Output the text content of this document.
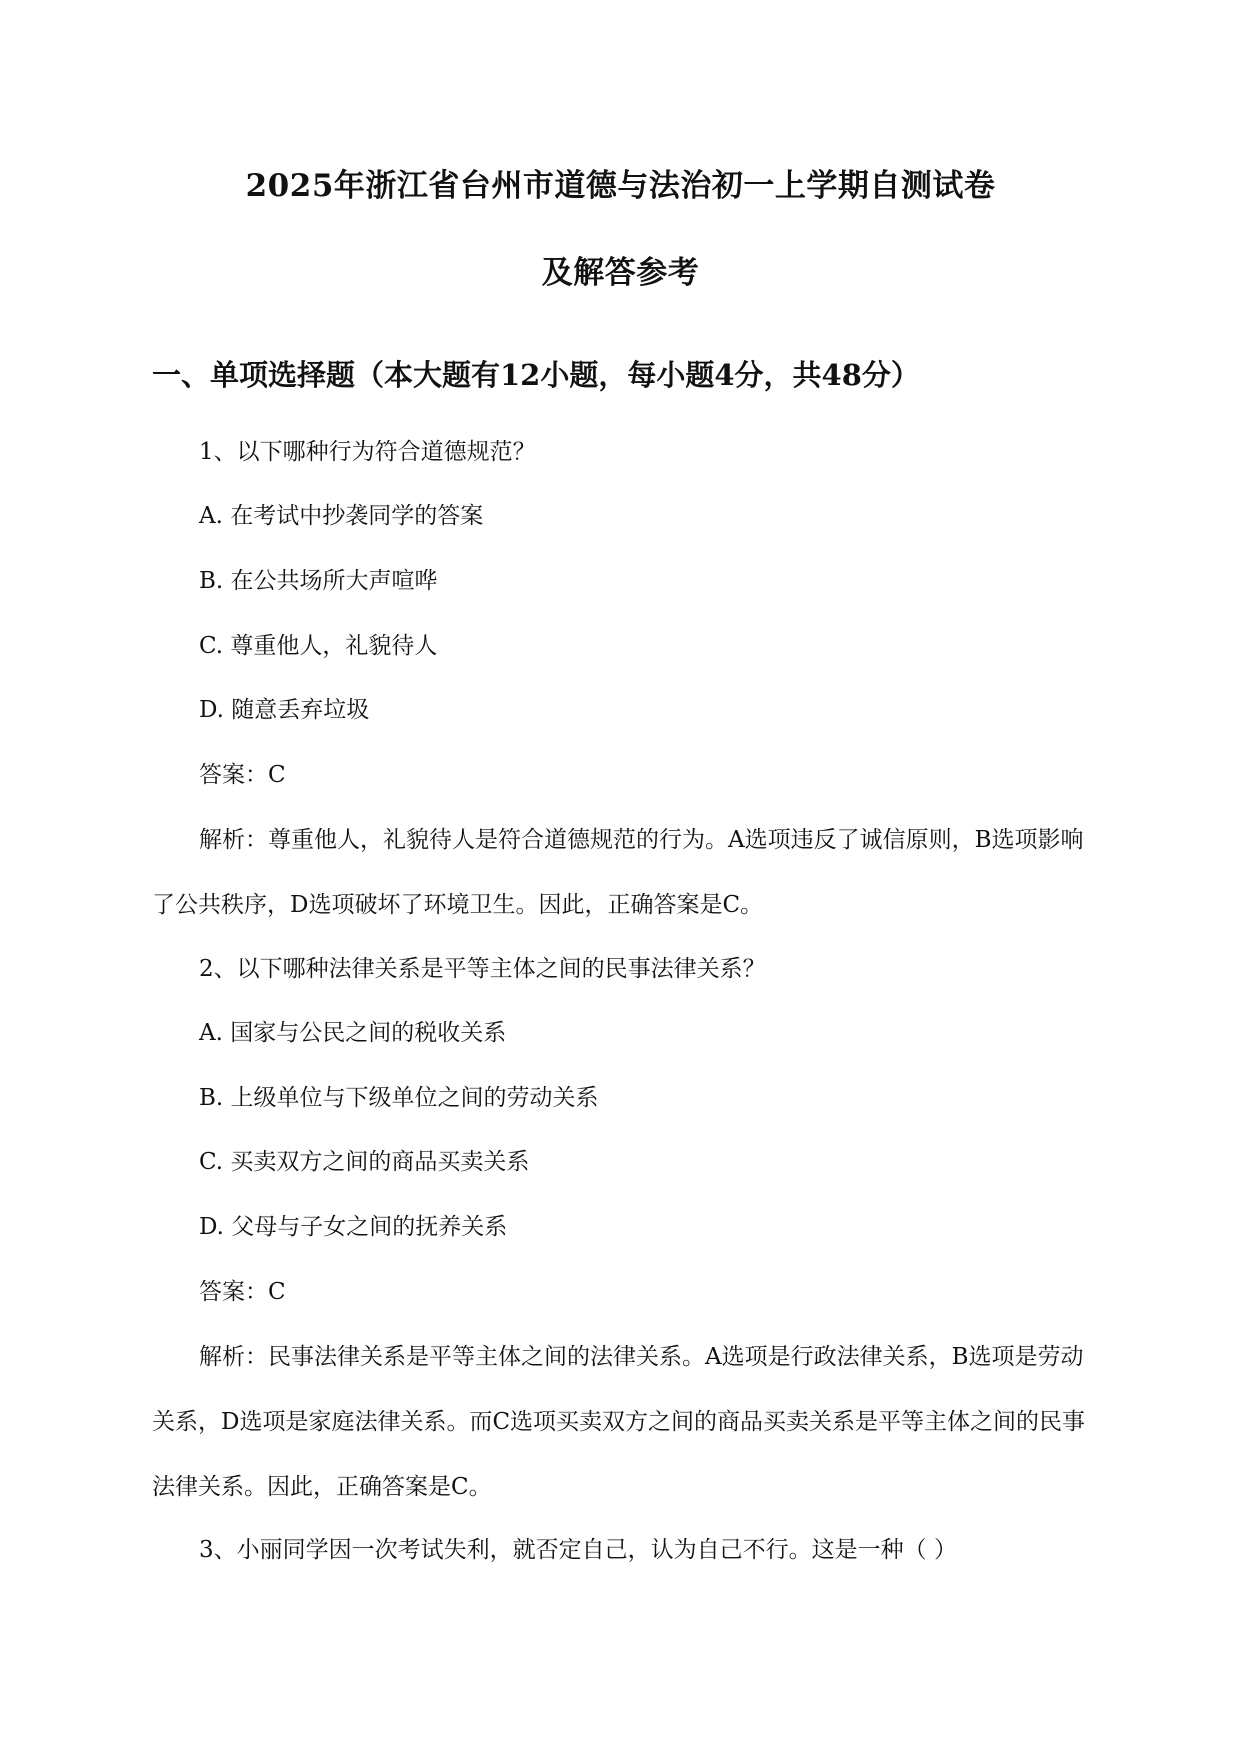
2025年浙江省台州市道德与法治初一上学期自测试卷
及解答参考
一、单项选择题（本大题有12小题，每小题4分，共48分）
1、以下哪种行为符合道德规范？
A. 在考试中抄袭同学的答案
B. 在公共场所大声喧哗
C. 尊重他人，礼貌待人
D. 随意丢弃垃圾
答案：C
解析：尊重他人，礼貌待人是符合道德规范的行为。A选项违反了诚信原则，B选项影响了公共秩序，D选项破坏了环境卫生。因此，正确答案是C。
2、以下哪种法律关系是平等主体之间的民事法律关系？
A. 国家与公民之间的税收关系
B. 上级单位与下级单位之间的劳动关系
C. 买卖双方之间的商品买卖关系
D. 父母与子女之间的抚养关系
答案：C
解析：民事法律关系是平等主体之间的法律关系。A选项是行政法律关系，B选项是劳动关系，D选项是家庭法律关系。而C选项买卖双方之间的商品买卖关系是平等主体之间的民事法律关系。因此，正确答案是C。
3、小丽同学因一次考试失利，就否定自己，认为自己不行。这是一种（ ）
